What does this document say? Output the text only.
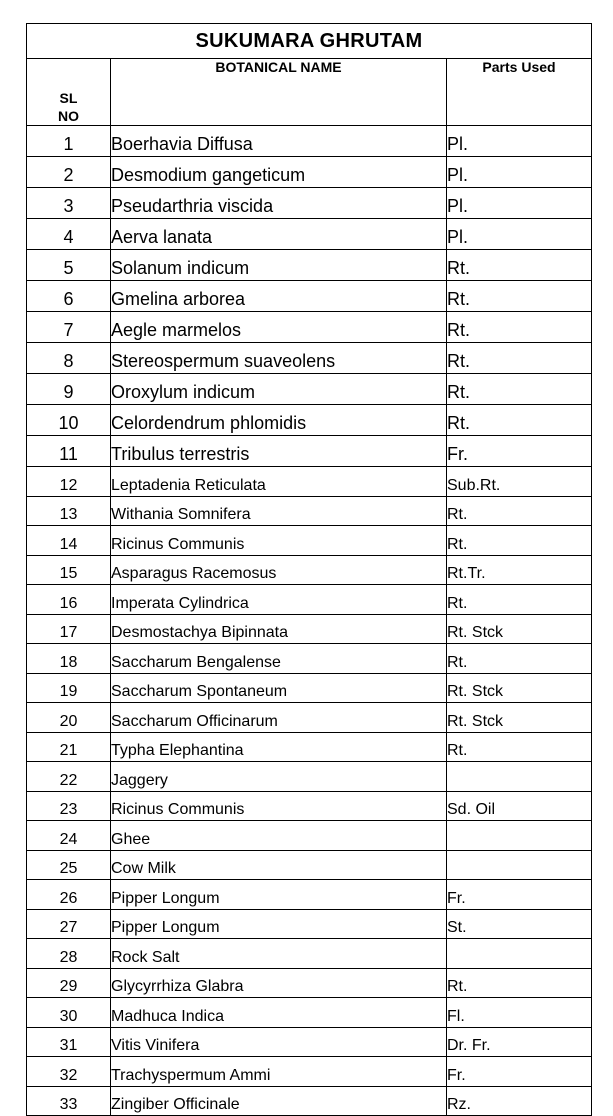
SUKUMARA GHRUTAM		
SL
NO	BOTANICAL NAME	Parts Used
1	Boerhavia Diffusa	Pl.
2	Desmodium gangeticum	Pl.
3	Pseudarthria viscida	Pl.
4	Aerva lanata	Pl.
5	Solanum indicum	Rt.
6	Gmelina arborea	Rt.
7	Aegle marmelos	Rt.
8	Stereospermum suaveolens	Rt.
9	Oroxylum indicum	Rt.
10	Celordendrum phlomidis	Rt.
11	Tribulus terrestris	Fr.
12	Leptadenia Reticulata	Sub.Rt.
13	Withania Somnifera	Rt.
14	Ricinus Communis	Rt.
15	Asparagus Racemosus	Rt.Tr.
16	Imperata Cylindrica	Rt.
17	Desmostachya Bipinnata	Rt. Stck
18	Saccharum Bengalense	Rt.
19	Saccharum Spontaneum	Rt. Stck
20	Saccharum Officinarum	Rt. Stck
21	Typha Elephantina	Rt.
22	Jaggery	
23	Ricinus Communis	Sd. Oil
24	Ghee	
25	Cow Milk	
26	Pipper Longum	Fr.
27	Pipper Longum	St.
28	Rock Salt	
29	Glycyrrhiza Glabra	Rt.
30	Madhuca Indica	Fl.
31	Vitis Vinifera	Dr. Fr.
32	Trachyspermum Ammi	Fr.
33	Zingiber Officinale	Rz.
